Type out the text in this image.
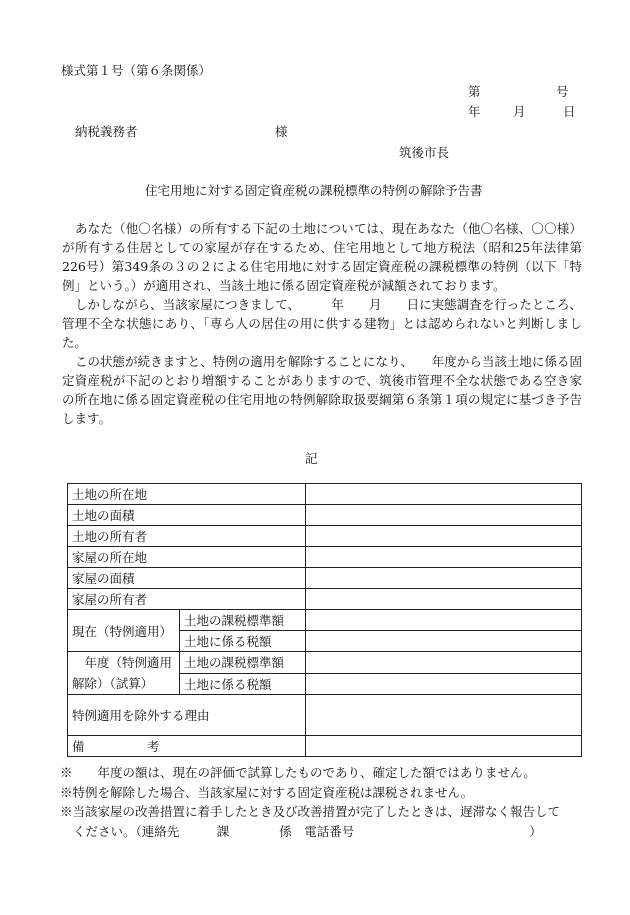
様式第１号（第６条関係）
第	号
年	月	日
納税義務者	様
筑後市長
住宅用地に対する固定資産税の課税標準の特例の解除予告書

あなた（他〇名様）の所有する下記の土地については、現在あなた（他〇名様、〇〇様）が所有する住居としての家屋が存在するため、住宅用地として地方税法（昭和25年法律第226号）第349条の３の２による住宅用地に対する固定資産税の課税標準の特例（以下「特例」という。）が適用され、当該土地に係る固定資産税が減額されております。

しかしながら、当該家屋につきまして、　　　年　　月　　日に実態調査を行ったところ、管理不全な状態にあり、「専ら人の居住の用に供する建物」とは認められないと判断しました。

この状態が続きますと、特例の適用を解除することになり、　　年度から当該土地に係る固定資産税が下記のとおり増額することがありますので、筑後市管理不全な状態である空き家の所在地に係る固定資産税の住宅用地の特例解除取扱要綱第６条第１項の規定に基づき予告します。

記
土地の所在地		
土地の面積		
土地の所有者		
家屋の所在地		
家屋の面積		
家屋の所有者		
現在（特例適用）	土地の課税標準額	
	土地に係る税額	
　年度（特例適用解除）（試算）	土地の課税標準額	
	土地に係る税額	
特例適用を除外する理由		
備　　　　　考		
※　　年度の額は、現在の評価で試算したものであり、確定した額ではありません。
※特例を解除した場合、当該家屋に対する固定資産税は課税されません。
※当該家屋の改善措置に着手したとき及び改善措置が完了したときは、遅滞なく報告して
ください。（連絡先　　　課　　　　係　電話番号　　　　　　　　　　　　　　）
